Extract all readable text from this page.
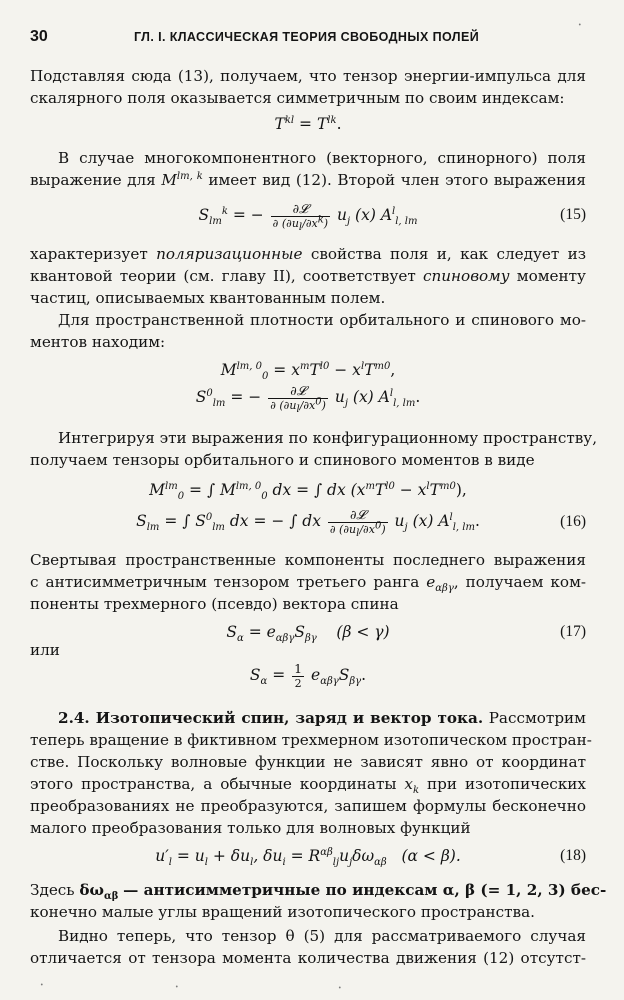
30	ГЛ. I. КЛАССИЧЕСКАЯ ТЕОРИЯ СВОБОДНЫХ ПОЛЕЙ
Подставляя сюда (13), получаем, что тензор энергии-импульса для
скалярного поля оказывается симметричным по своим индексам:
$T^{kl} = T^{lk}$.
В случае многокомпонентного (векторного, спинорного) поля
выражение для $M^{lm, k}$ имеет вид (12). Второй член этого выражения
$S_{lm}^k$ = − $\frac{\text{∂𝓛}}{\partial (\partial u_l/\partial x^k)} u_j$ (x) $A^l_{l, lm}$	(15)
характеризует поляризационные свойства поля и, как следует из
квантовой теории (см. главу II), соответствует спиновому моменту
частиц, описываемых квантованным полем.
Для пространственной плотности орбитального и спинового мо-
ментов находим:
$M^{lm, 0}_0 = x^mT^{l0} - x^lT^{m0}$,
$S^0_{lm}$ = − $\frac{\text{∂𝓛}}{\partial (\partial u_l/\partial x^0)} u_j$ (x) $A^l_{l, lm}$.
Интегрируя эти выражения по конфигурационному пространству,
получаем тензоры орбитального и спинового моментов в виде
$M^{lm}_0$ = ∫ $M^{lm, 0}_0$ dx = ∫ dx $(x^mT^{l0} - x^lT^{m0})$,
$S_{lm}$ = ∫ $S^0_{lm}$ dx = − ∫ dx $\frac{\text{∂𝓛}}{\partial (\partial u_l/\partial x^0)} u_j$ (x) $A^l_{l, lm}$.	(16)
Свертывая пространственные компоненты последнего выражения
с антисимметричным тензором третьего ранга $e_{\alpha\beta\gamma}$, получаем ком-
поненты трехмерного (псевдо) вектора спина
$S_\alpha = e_{\alpha\beta\gamma}S_{\beta\gamma}$ (β < γ)	(17)
или
$S_\alpha = \frac{1}{2} e_{\alpha\beta\gamma}S_{\beta\gamma}$.
2.4. Изотопический спин, заряд и вектор тока. Рассмотрим
теперь вращение в фиктивном трехмерном изотопическом простран-
стве. Поскольку волновые функции не зависят явно от координат
этого пространства, а обычные координаты $x_k$ при изотопических
преобразованиях не преобразуются, запишем формулы бесконечно
малого преобразования только для волновых функций
$u'_l = u_l + \delta u_l$, $\delta u_i = R^{\alpha\beta}_{lj}u_j\delta\omega_{\alpha\beta}$ (α < β).	(18)
Здесь $\delta\omega_{\alpha\beta}$ — антисимметричные по индексам α, β (= 1, 2, 3) бес-
конечно малые углы вращений изотопического пространства.
Видно теперь, что тензор θ (5) для рассматриваемого случая
отличается от тензора момента количества движения (12) отсутст-
•
•	•	•
